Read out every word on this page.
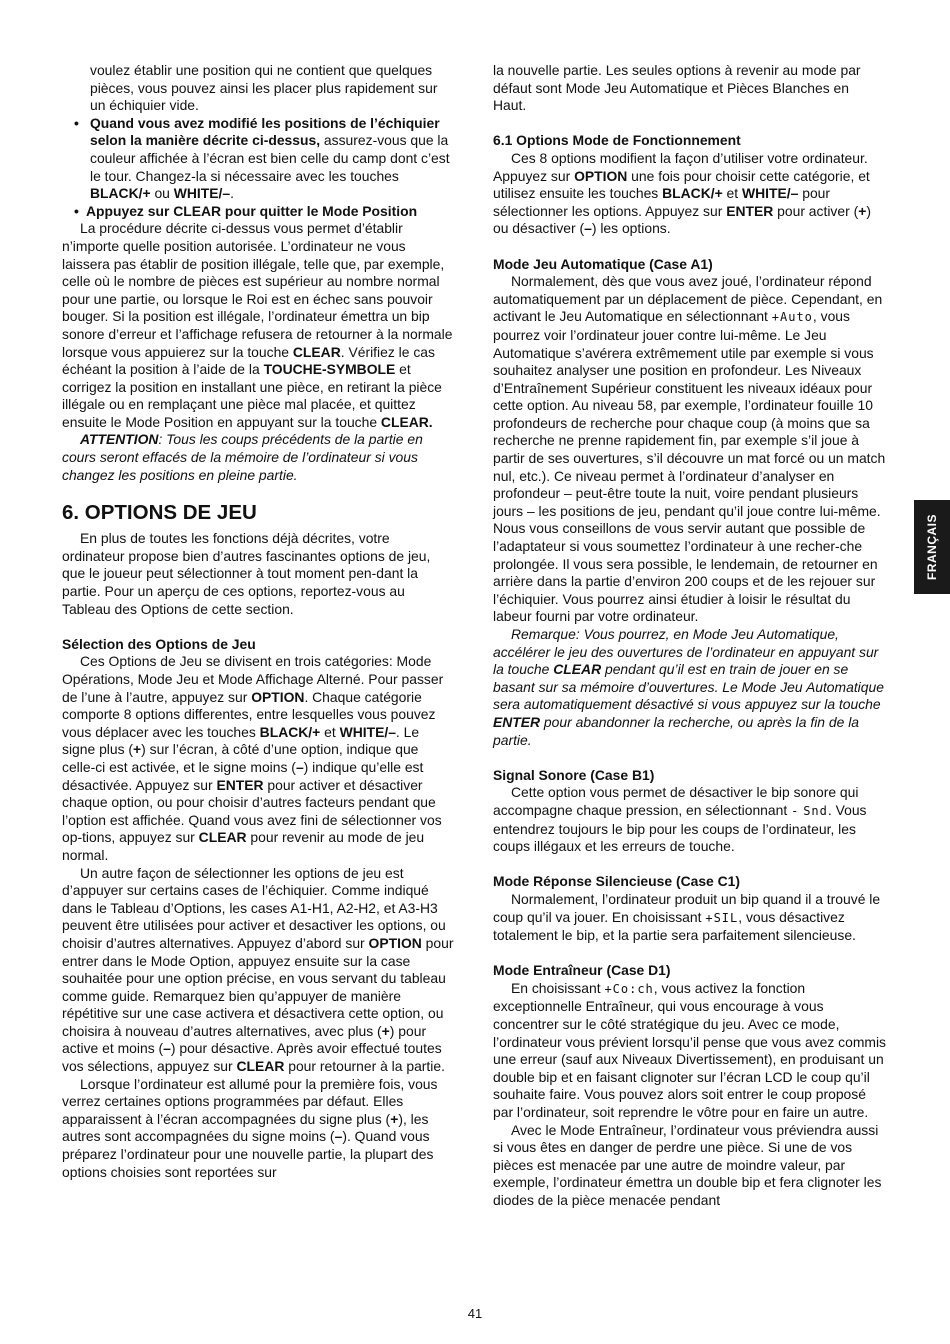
FRANÇAIS

voulez établir une position qui ne contient que quelques pièces, vous pouvez ainsi les placer plus rapidement sur un échiquier vide.

• Quand vous avez modifié les positions de l’échiquier selon la manière décrite ci-dessus, assurez-vous que la couleur affichée à l’écran est bien celle du camp dont c’est le tour. Changez-la si nécessaire avec les touches BLACK/+ ou WHITE/–.

• Appuyez sur CLEAR pour quitter le Mode Position

La procédure décrite ci-dessus vous permet d’établir n’importe quelle position autorisée. L’ordinateur ne vous laissera pas établir de position illégale, telle que, par exemple, celle où le nombre de pièces est supérieur au nombre normal pour une partie, ou lorsque le Roi est en échec sans pouvoir bouger. Si la position est illégale, l’ordinateur émettra un bip sonore d’erreur et l’affichage refusera de retourner à la normale lorsque vous appuierez sur la touche CLEAR. Vérifiez le cas échéant la position à l’aide de la TOUCHE-SYMBOLE et corrigez la position en installant une pièce, en retirant la pièce illégale ou en remplaçant une pièce mal placée, et quittez ensuite le Mode Position en appuyant sur la touche CLEAR.

ATTENTION: Tous les coups précédents de la partie en cours seront effacés de la mémoire de l’ordinateur si vous changez les positions en pleine partie.

6. OPTIONS DE JEU

En plus de toutes les fonctions déjà décrites, votre ordinateur propose bien d’autres fascinantes options de jeu, que le joueur peut sélectionner à tout moment pen-dant la partie. Pour un aperçu de ces options, reportez-vous au Tableau des Options de cette section.

Sélection des Options de Jeu

Ces Options de Jeu se divisent en trois catégories: Mode Opérations, Mode Jeu et Mode Affichage Alterné. Pour passer de l’une à l’autre, appuyez sur OPTION. Chaque catégorie comporte 8 options differentes, entre lesquelles vous pouvez vous déplacer avec les touches BLACK/+ et WHITE/–. Le signe plus (+) sur l’écran, à côté d’une option, indique que celle-ci est activée, et le signe moins (–) indique qu’elle est désactivée. Appuyez sur ENTER pour activer et désactiver chaque option, ou pour choisir d’autres facteurs pendant que l’option est affichée. Quand vous avez fini de sélectionner vos op-tions, appuyez sur CLEAR pour revenir au mode de jeu normal.

Un autre façon de sélectionner les options de jeu est d’appuyer sur certains cases de l’échiquier. Comme indiqué dans le Tableau d’Options, les cases A1-H1, A2-H2, et A3-H3 peuvent être utilisées pour activer et desactiver les options, ou choisir d’autres alternatives. Appuyez d’abord sur OPTION pour entrer dans le Mode Option, appuyez ensuite sur la case souhaitée pour une option précise, en vous servant du tableau comme guide. Remarquez bien qu’appuyer de manière répétitive sur une case activera et désactivera cette option, ou choisira à nouveau d’autres alternatives, avec plus (+) pour active et moins (–) pour désactive. Après avoir effectué toutes vos sélections, appuyez sur CLEAR pour retourner à la partie.

Lorsque l’ordinateur est allumé pour la première fois, vous verrez certaines options programmées par défaut. Elles apparaissent à l’écran accompagnées du signe plus (+), les autres sont accompagnées du signe moins (–). Quand vous préparez l’ordinateur pour une nouvelle partie, la plupart des options choisies sont reportées sur

la nouvelle partie. Les seules options à revenir au mode par défaut sont Mode Jeu Automatique et Pièces Blanches en Haut.

6.1 Options Mode de Fonctionnement

Ces 8 options modifient la façon d’utiliser votre ordinateur. Appuyez sur OPTION une fois pour choisir cette catégorie, et utilisez ensuite les touches BLACK/+ et WHITE/– pour sélectionner les options. Appuyez sur ENTER pour activer (+) ou désactiver (–) les options.

Mode Jeu Automatique (Case A1)

Normalement, dès que vous avez joué, l’ordinateur répond automatiquement par un déplacement de pièce. Cependant, en activant le Jeu Automatique en sélectionnant +Auto, vous pourrez voir l’ordinateur jouer contre lui-même. Le Jeu Automatique s’avérera extrêmement utile par exemple si vous souhaitez analyser une position en profondeur. Les Niveaux d’Entraînement Supérieur constituent les niveaux idéaux pour cette option. Au niveau 58, par exemple, l’ordinateur fouille 10 profondeurs de recherche pour chaque coup (à moins que sa recherche ne prenne rapidement fin, par exemple s’il joue à partir de ses ouvertures, s’il découvre un mat forcé ou un match nul, etc.). Ce niveau permet à l’ordinateur d’analyser en profondeur – peut-être toute la nuit, voire pendant plusieurs jours – les positions de jeu, pendant qu’il joue contre lui-même. Nous vous conseillons de vous servir autant que possible de l’adaptateur si vous soumettez l’ordinateur à une recher-che prolongée. Il vous sera possible, le lendemain, de retourner en arrière dans la partie d’environ 200 coups et de les rejouer sur l’échiquier. Vous pourrez ainsi étudier à loisir le résultat du labeur fourni par votre ordinateur.

Remarque: Vous pourrez, en Mode Jeu Automatique, accélérer le jeu des ouvertures de l’ordinateur en appuyant sur la touche CLEAR pendant qu’il est en train de jouer en se basant sur sa mémoire d’ouvertures. Le Mode Jeu Automatique sera automatiquement désactivé si vous appuyez sur la touche ENTER pour abandonner la recherche, ou après la fin de la partie.

Signal Sonore (Case B1)

Cette option vous permet de désactiver le bip sonore qui accompagne chaque pression, en sélectionnant - Snd. Vous entendrez toujours le bip pour les coups de l’ordinateur, les coups illégaux et les erreurs de touche.

Mode Réponse Silencieuse (Case C1)

Normalement, l’ordinateur produit un bip quand il a trouvé le coup qu’il va jouer. En choisissant +SIL, vous désactivez totalement le bip, et la partie sera parfaitement silencieuse.

Mode Entraîneur (Case D1)

En choisissant +Co:ch, vous activez la fonction exceptionnelle Entraîneur, qui vous encourage à vous concentrer sur le côté stratégique du jeu. Avec ce mode, l’ordinateur vous prévient lorsqu’il pense que vous avez commis une erreur (sauf aux Niveaux Divertissement), en produisant un double bip et en faisant clignoter sur l’écran LCD le coup qu’il souhaite faire. Vous pouvez alors soit entrer le coup proposé par l’ordinateur, soit reprendre le vôtre pour en faire un autre.

Avec le Mode Entraîneur, l’ordinateur vous préviendra aussi si vous êtes en danger de perdre une pièce. Si une de vos pièces est menacée par une autre de moindre valeur, par exemple, l’ordinateur émettra un double bip et fera clignoter les diodes de la pièce menacée pendant

41
